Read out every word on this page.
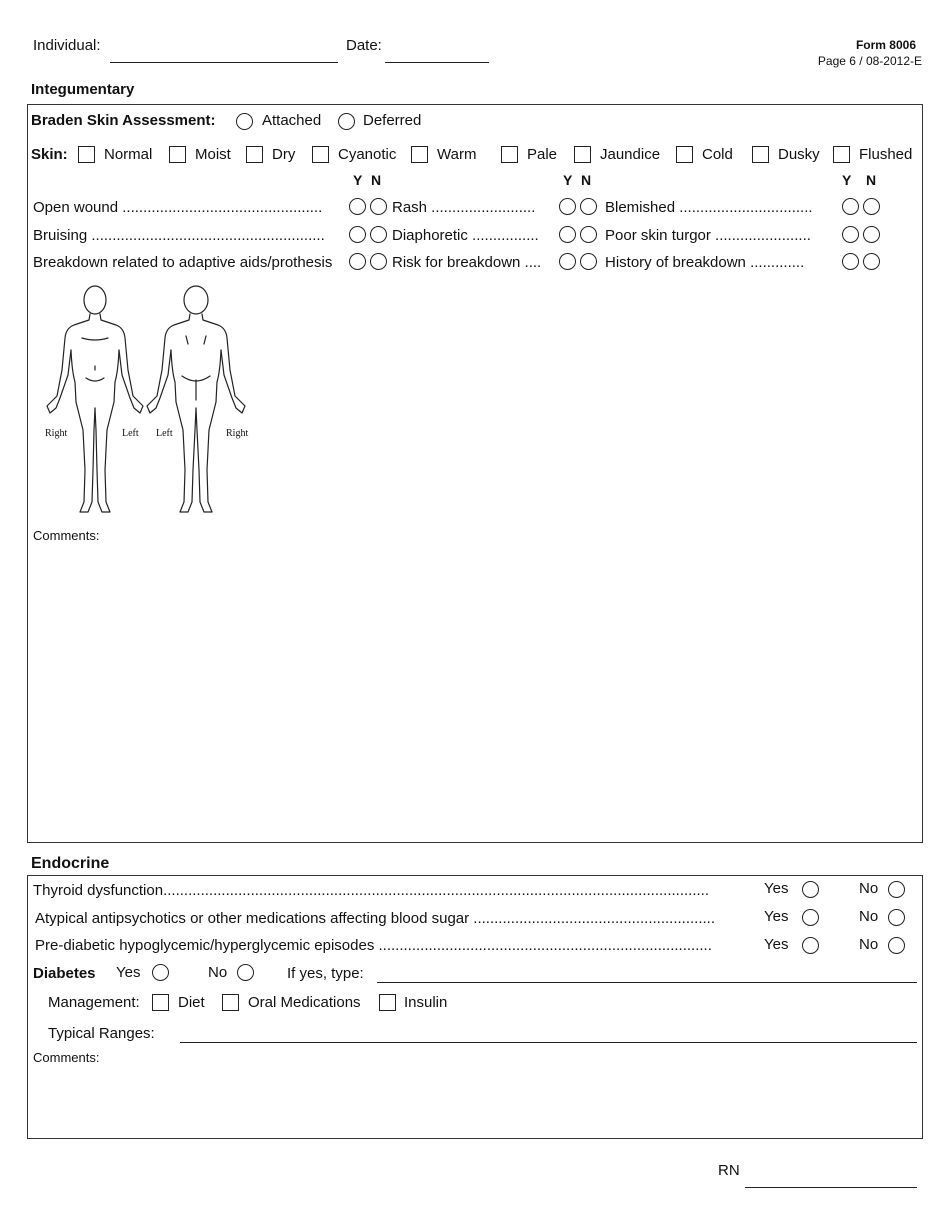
Individual:	Date:	Form 8006
Page 6 / 08-2012-E
Integumentary
Braden Skin Assessment:	Attached	Deferred
Skin: Normal	Moist	Dry	Cyanotic	Warm	Pale	Jaundice	Cold	Dusky	Flushed
Y N	Y N	Y N
Open wound ................................................	Rash .........................	Blemished ................................
Bruising ........................................................	Diaphoretic ................	Poor skin turgor .......................
Breakdown related to adaptive aids/prothesis	Risk for breakdown ....	History of breakdown .............
Right	Left Left	Right
Comments:
Endocrine
Thyroid dysfunction...................................................................................................................................	Yes	No
Atypical antipsychotics or other medications affecting blood sugar ..........................................................	Yes	No
Pre-diabetic hypoglycemic/hyperglycemic episodes ................................................................................	Yes	No
Diabetes Yes	No	If yes, type:
Management:	Diet	Oral Medications	Insulin
Typical Ranges:
Comments:
RN
